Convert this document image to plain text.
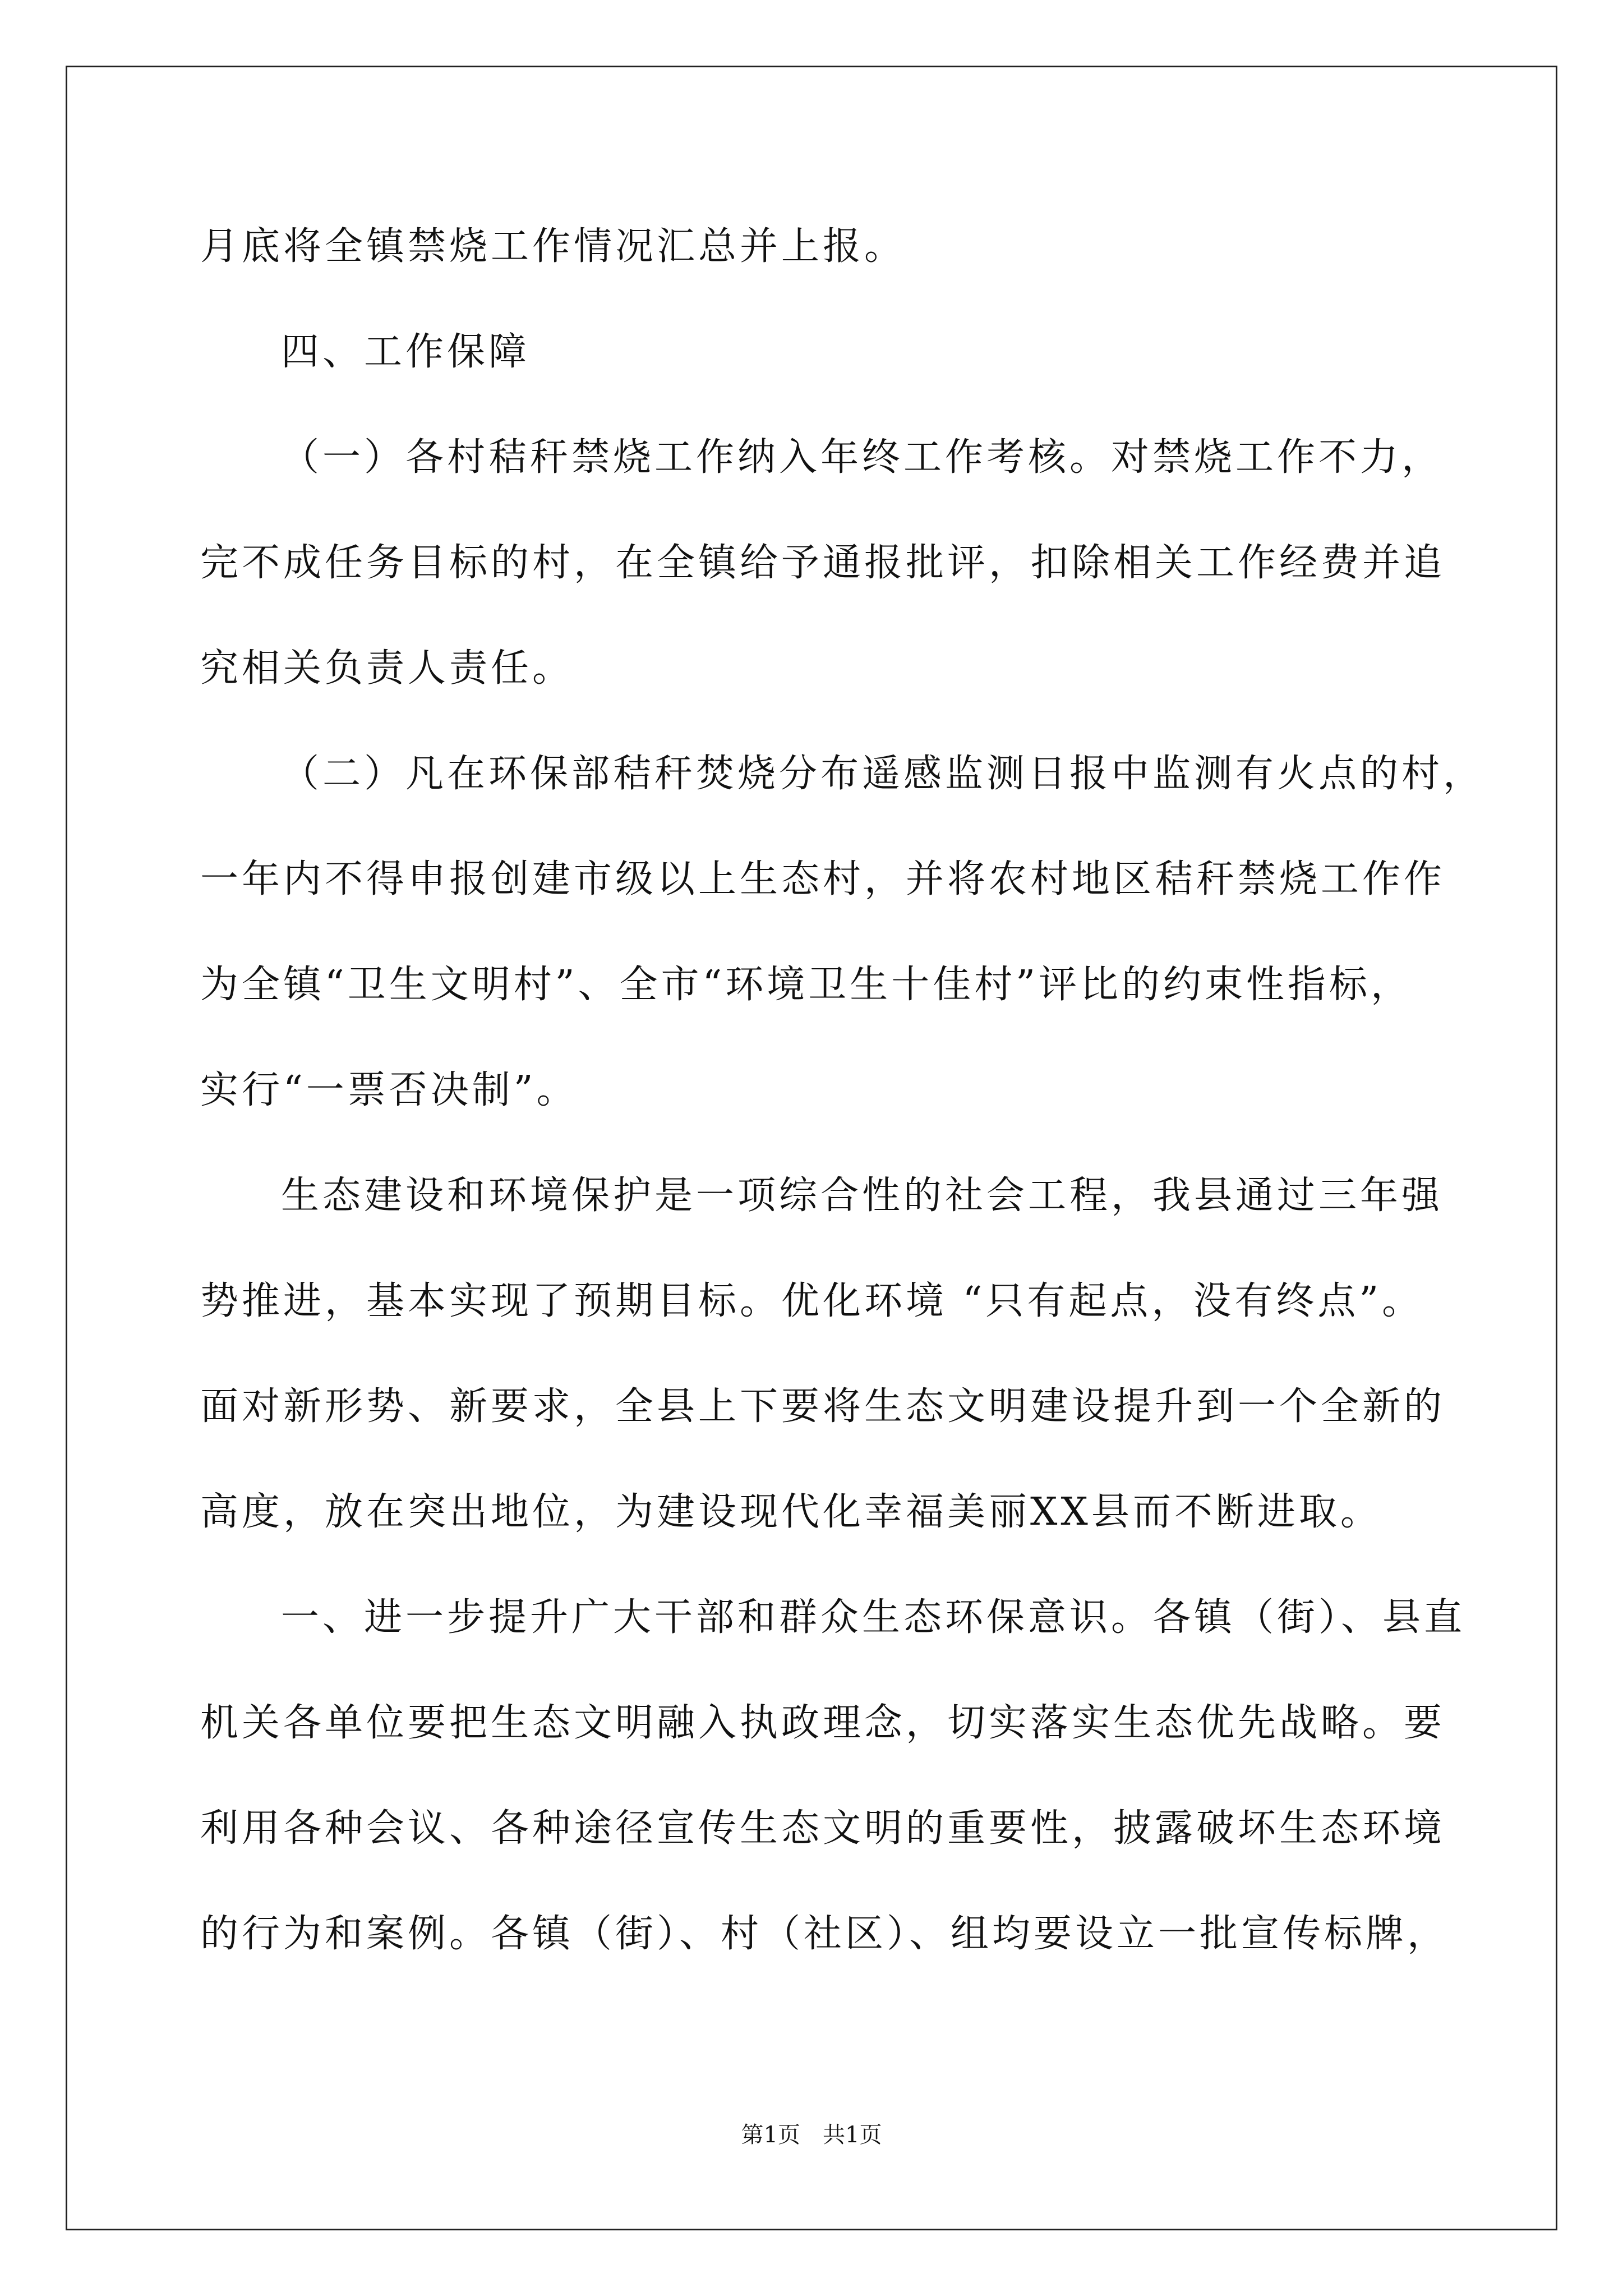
月底将全镇禁烧工作情况汇总并上报。
四、工作保障
（一）各村秸秆禁烧工作纳入年终工作考核。对禁烧工作不力，
完不成任务目标的村，在全镇给予通报批评，扣除相关工作经费并追
究相关负责人责任。
（二）凡在环保部秸秆焚烧分布遥感监测日报中监测有火点的村，
一年内不得申报创建市级以上生态村，并将农村地区秸秆禁烧工作作
为全镇“卫生文明村”、全市“环境卫生十佳村”评比的约束性指标，
实行“一票否决制”。
生态建设和环境保护是一项综合性的社会工程，我县通过三年强
势推进，基本实现了预期目标。优化环境 “只有起点，没有终点”。
面对新形势、新要求，全县上下要将生态文明建设提升到一个全新的
高度，放在突出地位，为建设现代化幸福美丽XX县而不断进取。
一、进一步提升广大干部和群众生态环保意识。各镇（街）、县直
机关各单位要把生态文明融入执政理念，切实落实生态优先战略。要
利用各种会议、各种途径宣传生态文明的重要性，披露破坏生态环境
的行为和案例。各镇（街）、村（社区）、组均要设立一批宣传标牌，
第1页　共1页
